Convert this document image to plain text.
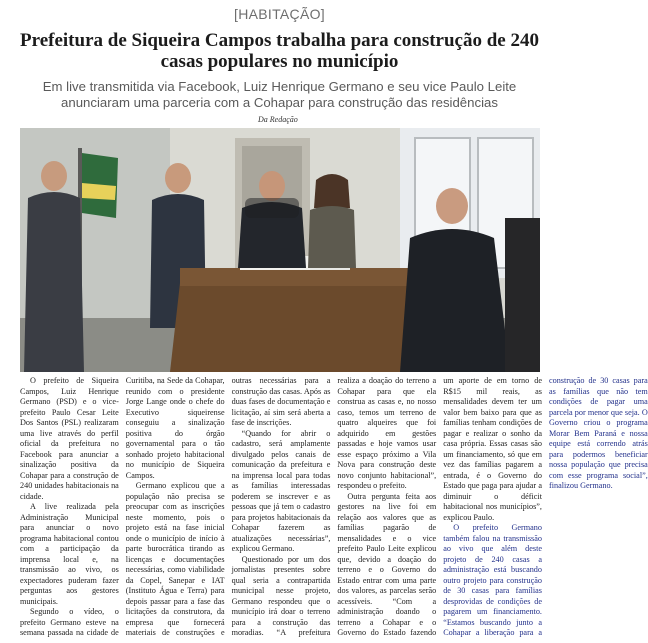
[HABITAÇÃO]
Prefeitura de Siqueira Campos trabalha para construção de 240 casas populares no município

Em live transmitida via Facebook, Luiz Henrique Germano e seu vice Paulo Leite anunciaram uma parceria com a Cohapar para construção das residências

Da Redação

O prefeito de Siqueira Campos, Luiz Henrique Germano (PSD) e o vice-prefeito Paulo Cesar Leite Dos Santos (PSL) realizaram uma live através do perfil oficial da prefeitura no Facebook para anunciar a sinalização positiva da Cohapar para a construção de 240 unidades habitacionais na cidade.

A live realizada pela Administração Municipal para anunciar o novo programa habitacional contou com a participação da imprensa local e, na transmissão ao vivo, os expectadores puderam fazer perguntas aos gestores municipais.

Segundo o vídeo, o prefeito Germano esteve na semana passada na cidade de Curitiba, na Sede da Cohapar, reunido com o presidente Jorge Lange onde o chefe do Executivo siqueirense conseguiu a sinalização positiva do órgão governamental para o tão sonhado projeto habitacional no município de Siqueira Campos.

Germano explicou que a população não precisa se preocupar com as inscrições neste momento, pois o projeto está na fase inicial onde o município de início à parte burocrática tirando as licenças e documentações necessárias, como viabilidade da Copel, Sanepar e IAT (Instituto Água e Terra) para depois passar para a fase das licitações da construtora, da empresa que fornecerá materiais de construções e outras necessárias para a construção das casas. Após as duas fases de documentação e licitação, aí sim será aberta a fase de inscrições.

“Quando for abrir o cadastro, será amplamente divulgado pelos canais de comunicação da prefeitura e na imprensa local para todas as famílias interessadas poderem se inscrever e as pessoas que já tem o cadastro para projetos habitacionais da Cohapar fazerem as atualizações necessárias”, explicou Germano.

Questionado por um dos jornalistas presentes sobre qual seria a contrapartida municipal nesse projeto, Germano respondeu que o município irá doar o terreno para a construção das moradias. “A prefeitura realiza a doação do terreno a Cohapar para que ela construa as casas e, no nosso caso, temos um terreno de quatro alqueires que foi adquirido em gestões passadas e hoje vamos usar esse espaço próximo a Vila Nova para construção deste novo conjunto habitacional”, respondeu o prefeito.

Outra pergunta feita aos gestores na live foi em relação aos valores que as famílias pagarão de mensalidades e o vice prefeito Paulo Leite explicou que, devido a doação do terreno e o Governo do Estado entrar com uma parte dos valores, as parcelas serão acessíveis. “Com a administração doando o terreno a Cohapar e o Governo do Estado fazendo um aporte de em torno de R$15 mil reais, as mensalidades devem ter um valor bem baixo para que as famílias tenham condições de pagar e realizar o sonho da casa própria. Essas casas são um financiamento, só que em vez das famílias pagarem a entrada, é o Governo do Estado que paga para ajudar a diminuir o déficit habitacional nos municípios”, explicou Paulo.

O prefeito Germano também falou na transmissão ao vivo que além deste projeto de 240 casas a administração está buscando outro projeto para construção de 30 casas para famílias desprovidas de condições de pagarem um financiamento. “Estamos buscando junto a Cohapar a liberação para a construção de 30 casas para as famílias que não tem condições de pagar uma parcela por menor que seja. O Governo criou o programa Morar Bem Paraná e nossa equipe está correndo atrás para podermos beneficiar nossa população que precisa com esse programa social”, finalizou Germano.
